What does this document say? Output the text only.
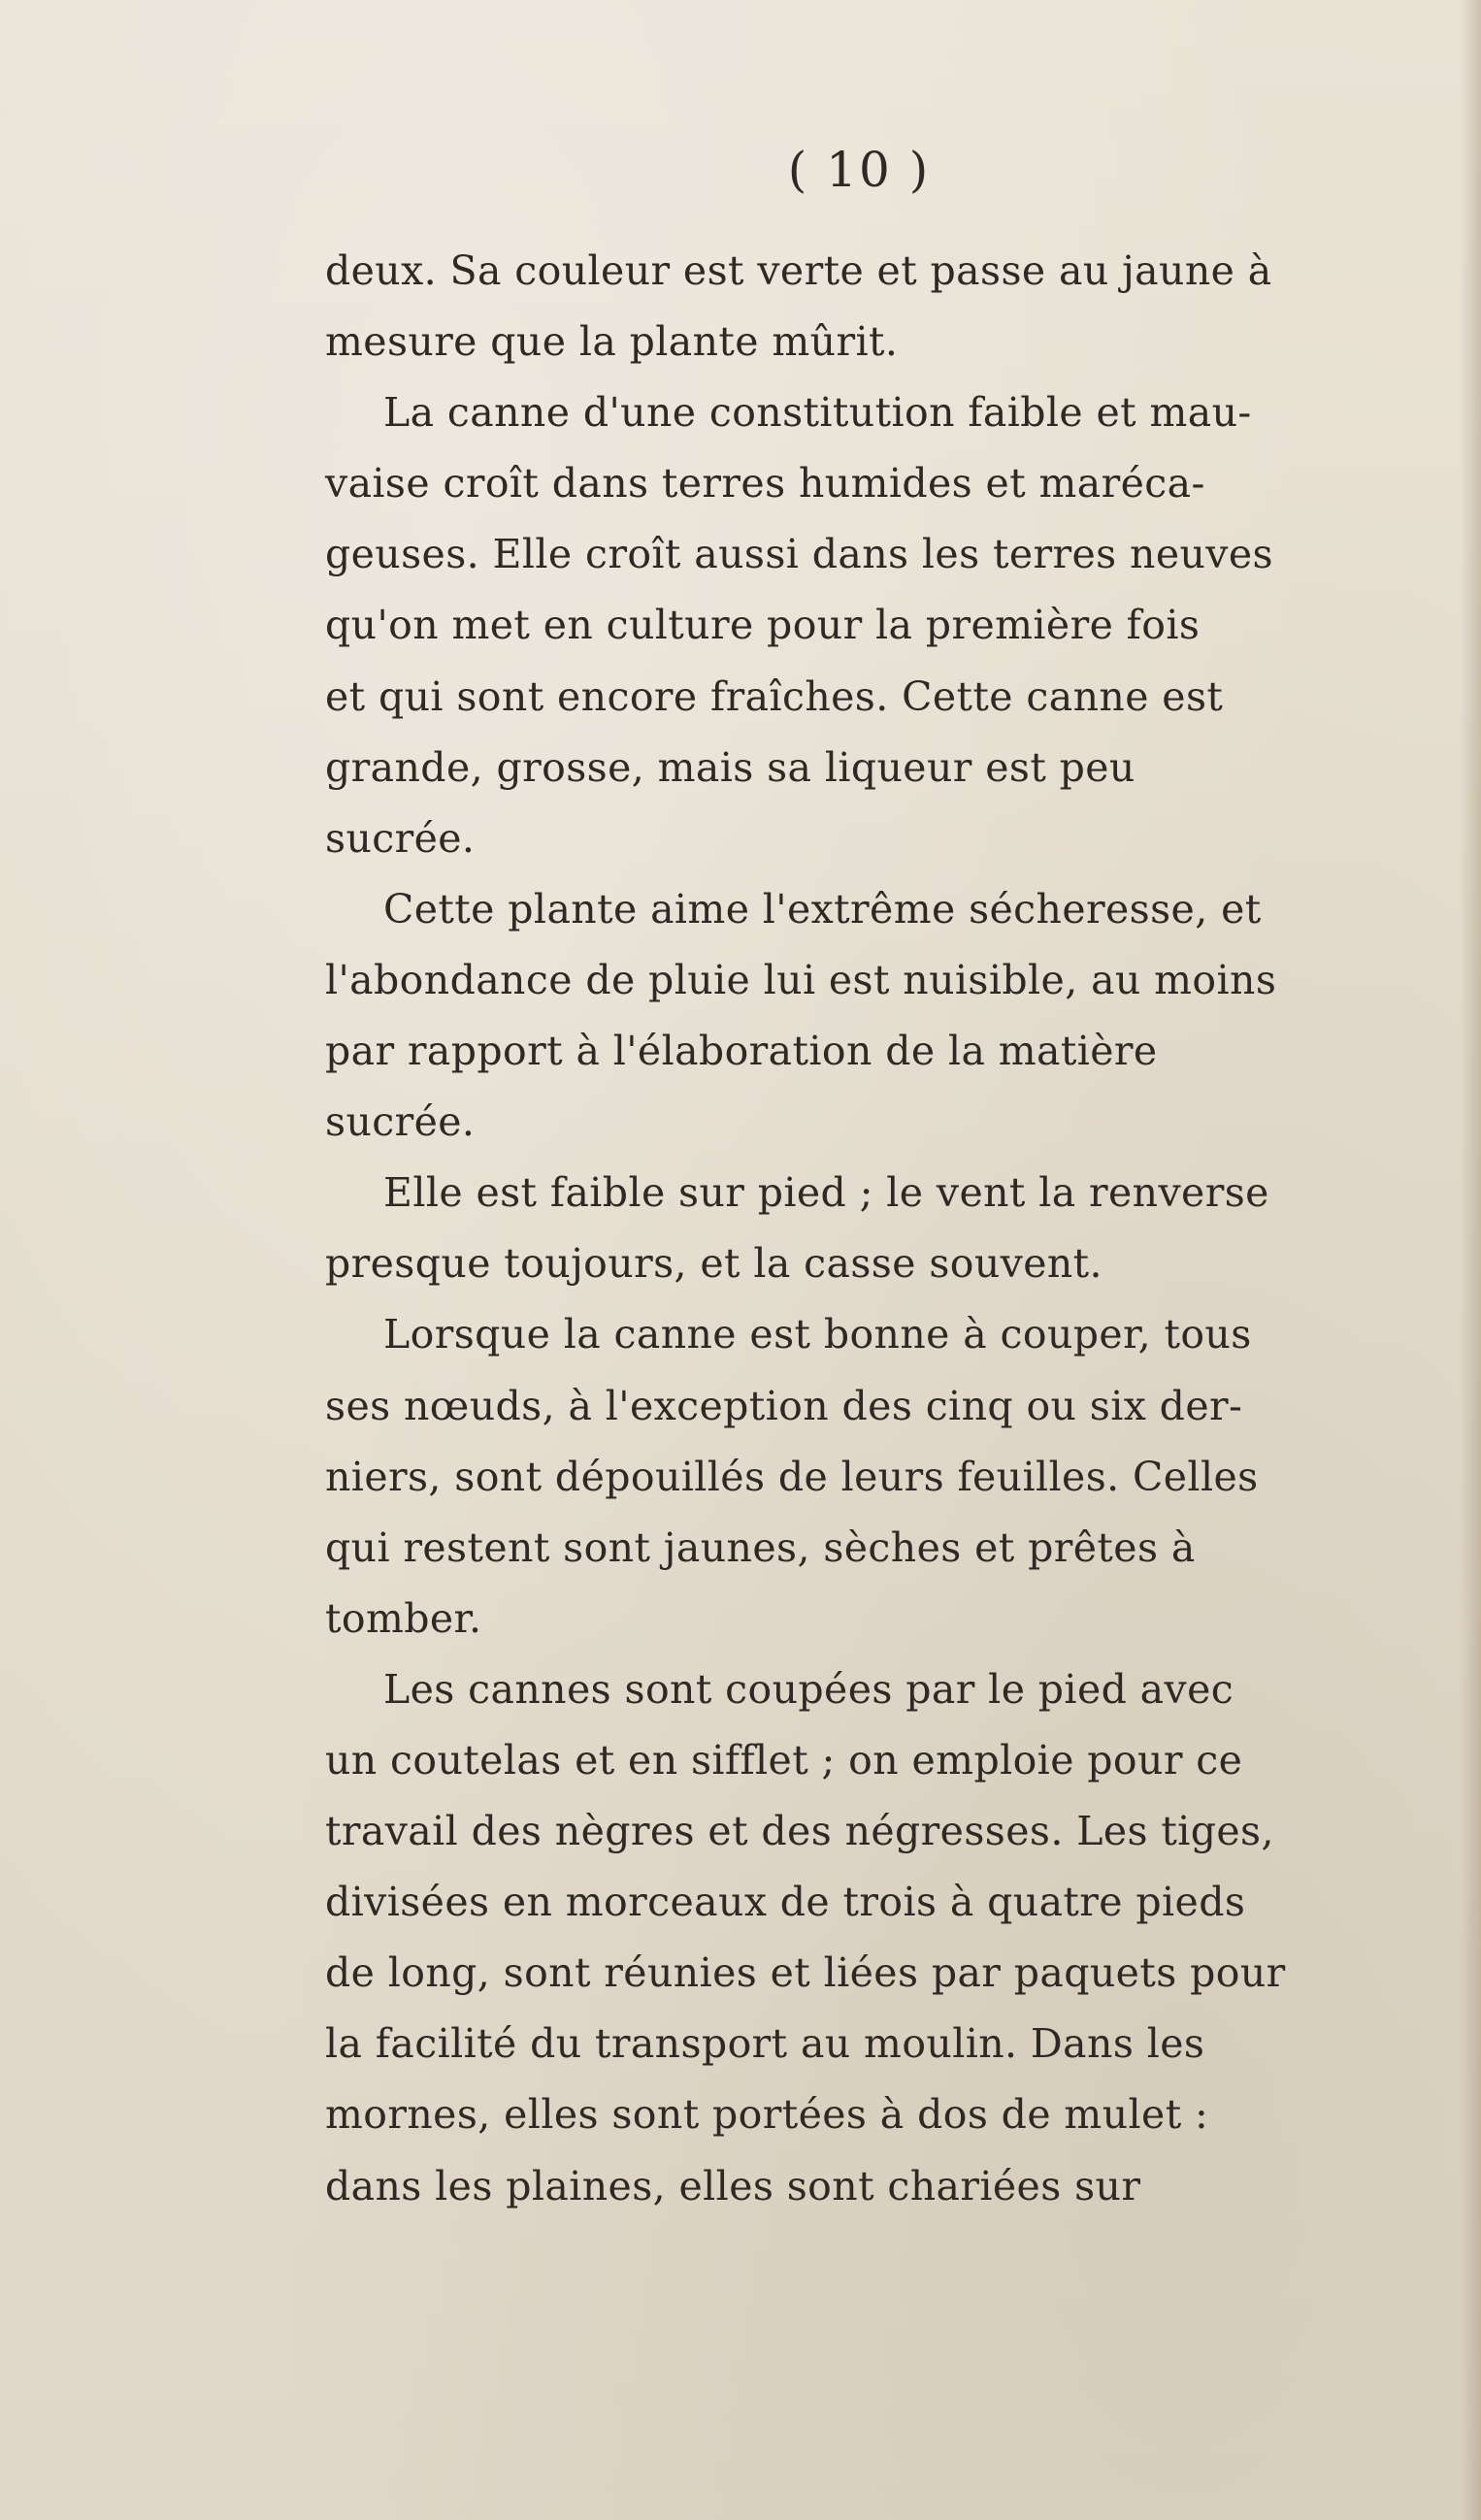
( 10 )
deux. Sa couleur est verte et passe au jaune à
mesure que la plante mûrit.
La canne d'une constitution faible et mau-
vaise croît dans terres humides et maréca-
geuses. Elle croît aussi dans les terres neuves
qu'on met en culture pour la première fois
et qui sont encore fraîches. Cette canne est
grande, grosse, mais sa liqueur est peu
sucrée.
Cette plante aime l'extrême sécheresse, et
l'abondance de pluie lui est nuisible, au moins
par rapport à l'élaboration de la matière
sucrée.
Elle est faible sur pied ; le vent la renverse
presque toujours, et la casse souvent.
Lorsque la canne est bonne à couper, tous
ses nœuds, à l'exception des cinq ou six der-
niers, sont dépouillés de leurs feuilles. Celles
qui restent sont jaunes, sèches et prêtes à
tomber.
Les cannes sont coupées par le pied avec
un coutelas et en sifflet ; on emploie pour ce
travail des nègres et des négresses. Les tiges,
divisées en morceaux de trois à quatre pieds
de long, sont réunies et liées par paquets pour
la facilité du transport au moulin. Dans les
mornes, elles sont portées à dos de mulet :
dans les plaines, elles sont chariées sur
